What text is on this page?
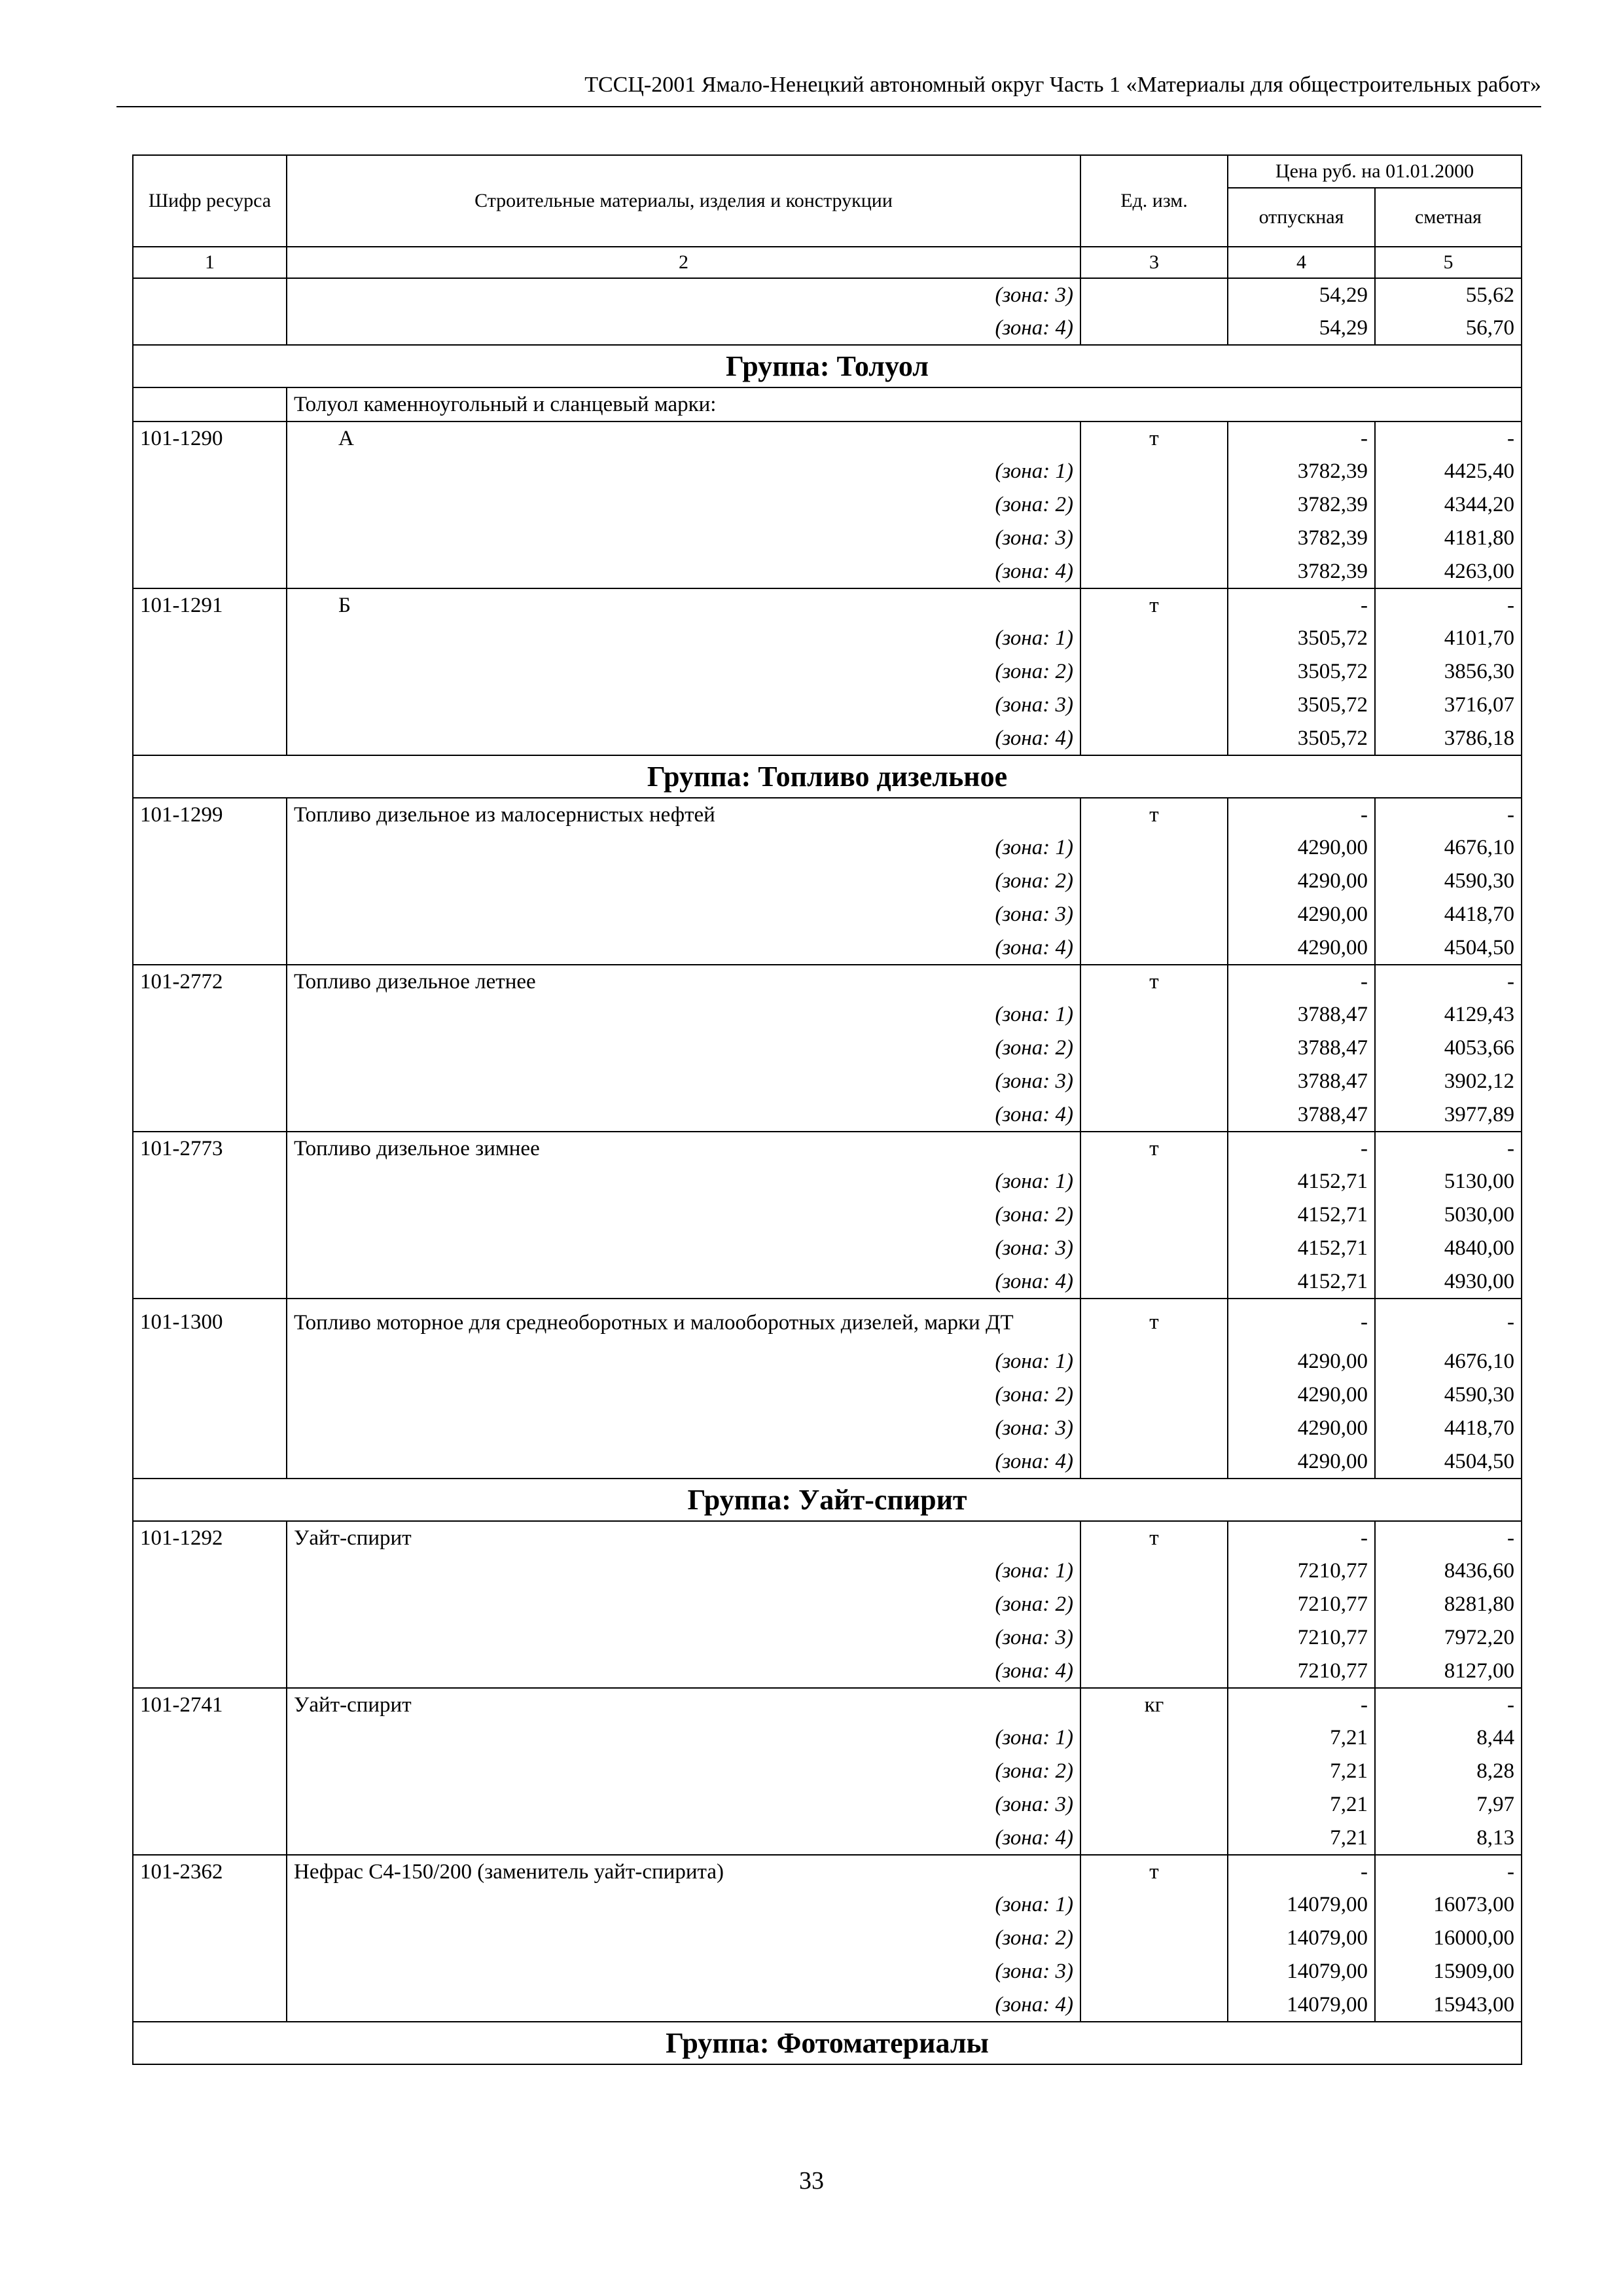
ТССЦ-2001 Ямало-Ненецкий автономный округ Часть 1 «Материалы для общестроительных работ»
Шифр ресурса	Строительные материалы, изделия и конструкции	Ед. изм.	Цена руб. на 01.01.2000	
			отпускная	сметная
1	2	3	4	5
	(зона: 3)		54,29	55,62
	(зона: 4)		54,29	56,70
Группа: Толуол				
	Толуол каменноугольный и сланцевый марки:			
101-1290	А	т	-	-
	(зона: 1)		3782,39	4425,40
	(зона: 2)		3782,39	4344,20
	(зона: 3)		3782,39	4181,80
	(зона: 4)		3782,39	4263,00
101-1291	Б	т	-	-
	(зона: 1)		3505,72	4101,70
	(зона: 2)		3505,72	3856,30
	(зона: 3)		3505,72	3716,07
	(зона: 4)		3505,72	3786,18
Группа: Топливо дизельное				
101-1299	Топливо дизельное из малосернистых нефтей	т	-	-
	(зона: 1)		4290,00	4676,10
	(зона: 2)		4290,00	4590,30
	(зона: 3)		4290,00	4418,70
	(зона: 4)		4290,00	4504,50
101-2772	Топливо дизельное летнее	т	-	-
	(зона: 1)		3788,47	4129,43
	(зона: 2)		3788,47	4053,66
	(зона: 3)		3788,47	3902,12
	(зона: 4)		3788,47	3977,89
101-2773	Топливо дизельное зимнее	т	-	-
	(зона: 1)		4152,71	5130,00
	(зона: 2)		4152,71	5030,00
	(зона: 3)		4152,71	4840,00
	(зона: 4)		4152,71	4930,00
101-1300	Топливо моторное для среднеоборотных и малооборотных дизелей, марки ДТ	т	-	-
	(зона: 1)		4290,00	4676,10
	(зона: 2)		4290,00	4590,30
	(зона: 3)		4290,00	4418,70
	(зона: 4)		4290,00	4504,50
Группа: Уайт-спирит				
101-1292	Уайт-спирит	т	-	-
	(зона: 1)		7210,77	8436,60
	(зона: 2)		7210,77	8281,80
	(зона: 3)		7210,77	7972,20
	(зона: 4)		7210,77	8127,00
101-2741	Уайт-спирит	кг	-	-
	(зона: 1)		7,21	8,44
	(зона: 2)		7,21	8,28
	(зона: 3)		7,21	7,97
	(зона: 4)		7,21	8,13
101-2362	Нефрас С4-150/200 (заменитель уайт-спирита)	т	-	-
	(зона: 1)		14079,00	16073,00
	(зона: 2)		14079,00	16000,00
	(зона: 3)		14079,00	15909,00
	(зона: 4)		14079,00	15943,00
Группа: Фотоматериалы				
33
